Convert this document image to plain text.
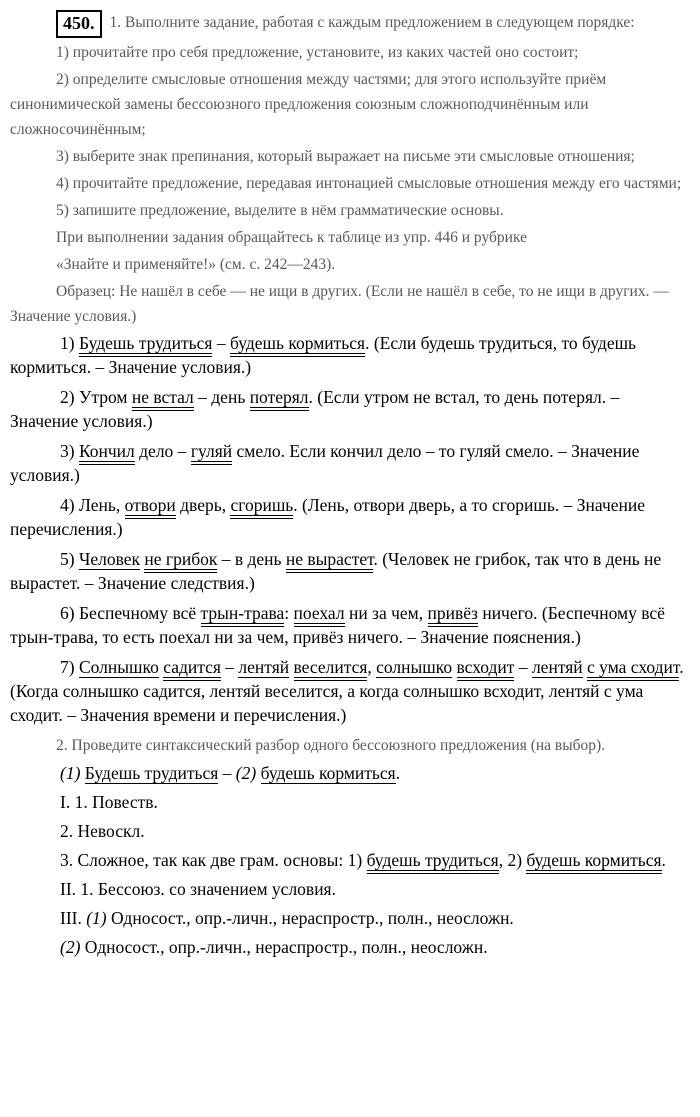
450. 1. Выполните задание, работая с каждым предложением в следующем порядке:

1) прочитайте про себя предложение, установите, из каких частей оно состоит;

2) определите смысловые отношения между частями; для этого используйте приём синонимической замены бессоюзного предложения союзным сложноподчинённым или сложносочинённым;

3) выберите знак препинания, который выражает на письме эти смысловые отношения;

4) прочитайте предложение, передавая интонацией смысловые отношения между его частями;

5) запишите предложение, выделите в нём грамматические основы.

При выполнении задания обращайтесь к таблице из упр. 446 и рубрике

«Знайте и применяйте!» (см. с. 242—243).

Образец: Не нашёл в себе — не ищи в других. (Если не нашёл в себе, то не ищи в других. — Значение условия.)

1) Будешь трудиться – будешь кормиться. (Если будешь трудиться, то будешь кормиться. – Значение условия.)

2) Утром не встал – день потерял. (Если утром не встал, то день потерял. – Значение условия.)

3) Кончил дело – гуляй смело. Если кончил дело – то гуляй смело. – Значение условия.)

4) Лень, отвори дверь, сгоришь. (Лень, отвори дверь, а то сгоришь. – Значение перечисления.)

5) Человек не грибок – в день не вырастет. (Человек не грибок, так что в день не вырастет. – Значение следствия.)

6) Беспечному всё трын-трава: поехал ни за чем, привёз ничего. (Беспечному всё трын-трава, то есть поехал ни за чем, привёз ничего. – Значение пояснения.)

7) Солнышко садится – лентяй веселится, солнышко всходит – лентяй с ума сходит. (Когда солнышко садится, лентяй веселится, а когда солнышко всходит, лентяй с ума сходит. – Значения времени и перечисления.)

2. Проведите синтаксический разбор одного бессоюзного предложения (на выбор).

(1) Будешь трудиться – (2) будешь кормиться.

I. 1. Повеств.

2. Невоскл.

3. Сложное, так как две грам. основы: 1) будешь трудиться, 2) будешь кормиться.

II. 1. Бессоюз. со значением условия.

III. (1) Односост., опр.-личн., нераспростр., полн., неосложн.

(2) Односост., опр.-личн., нераспростр., полн., неосложн.
